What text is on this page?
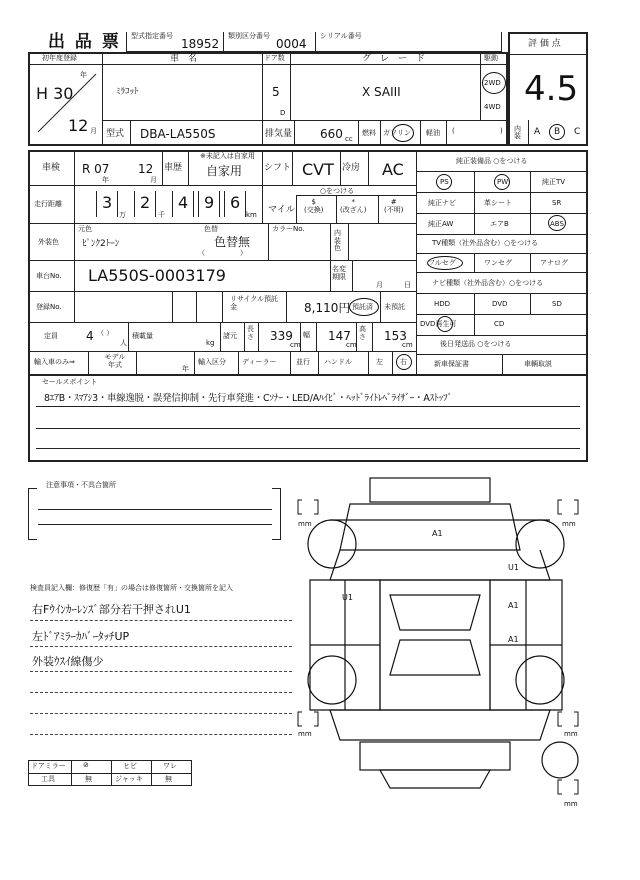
出 品 票 型式指定番号
18952
類別区分番号
0004
シリアル番号
評 価 点
4.5
初年度登録	車　名	ドア数	グ　レ　ー　ド	駆動
年
H 30
12 月
ﾐﾗｺｯﾄ	5
D
X SAIII
2WD
4WD
型式 DBA-LA550S	排気量 660 cc
燃料 ガソリン 軽油 (	) 内装	A B C
車検 R 07
年
12
月
車歴
※未記入は自家用
自家用 シフト CVT 冷房 AC
走行距離	3 2 4 9 6
万	千	km マイル
○をつける
$
(交換)
*
(改ざん)
#
(不明)
外装色
元色
ﾋﾟﾝｸ2ﾄｰﾝ
色替
色替無
（　　　　　）
カラーNo.	内装色
車台No. LA550S-0003179	名変期限
月	日
登録No.
リサイクル預託金	8,110円 預託済 未預託
定員 4 （ ）
人
積載量
kg
諸元
長さ 339
cm
幅 147
cm
高さ 153
cm
輸入車のみ⇒
モデル年式
年
輸入区分 ディーラー	並行 ハンドル	左 右
純正装備品 ○をつける
PS	PW	純正TV
純正ナビ	革シート	SR
純正AW	エアB	ABS
TV種類（社外品含む）○をつける
フルセグ	ワンセグ	アナログ
ナビ種類（社外品含む）○をつける
HDD	DVD	SD
DVD再生可	CD
後日発送品 ○をつける
新車保証書	車輌取説
セールスポイント
8ｴｱB・ｽﾏｱｼ3・車線逸脱・誤発信抑制・先行車発進・Cｿﾅｰ・LED/Aﾊｲﾋﾞ・ﾍｯﾄﾞﾗｲﾄﾚﾍﾞﾗｲｻﾞｰ・Aｽﾄｯﾌﾟ
注意事項・不具合箇所
検査員記入欄：修復歴「有」の場合は修復箇所・交換箇所を記入
右Fｳｲﾝｶｰﾚﾝｽﾞ部分若干押されU1
左ﾄﾞｱﾐﾗｰｶﾊﾞｰﾀｯﾁUP
外装ｳｽｲ線傷少
ドアミラー ⊘	ヒビ	ワレ
工具	無	ジャッキ	無
mm	mm
mm	mm
mm
A1
U1
U1
A1
A1
